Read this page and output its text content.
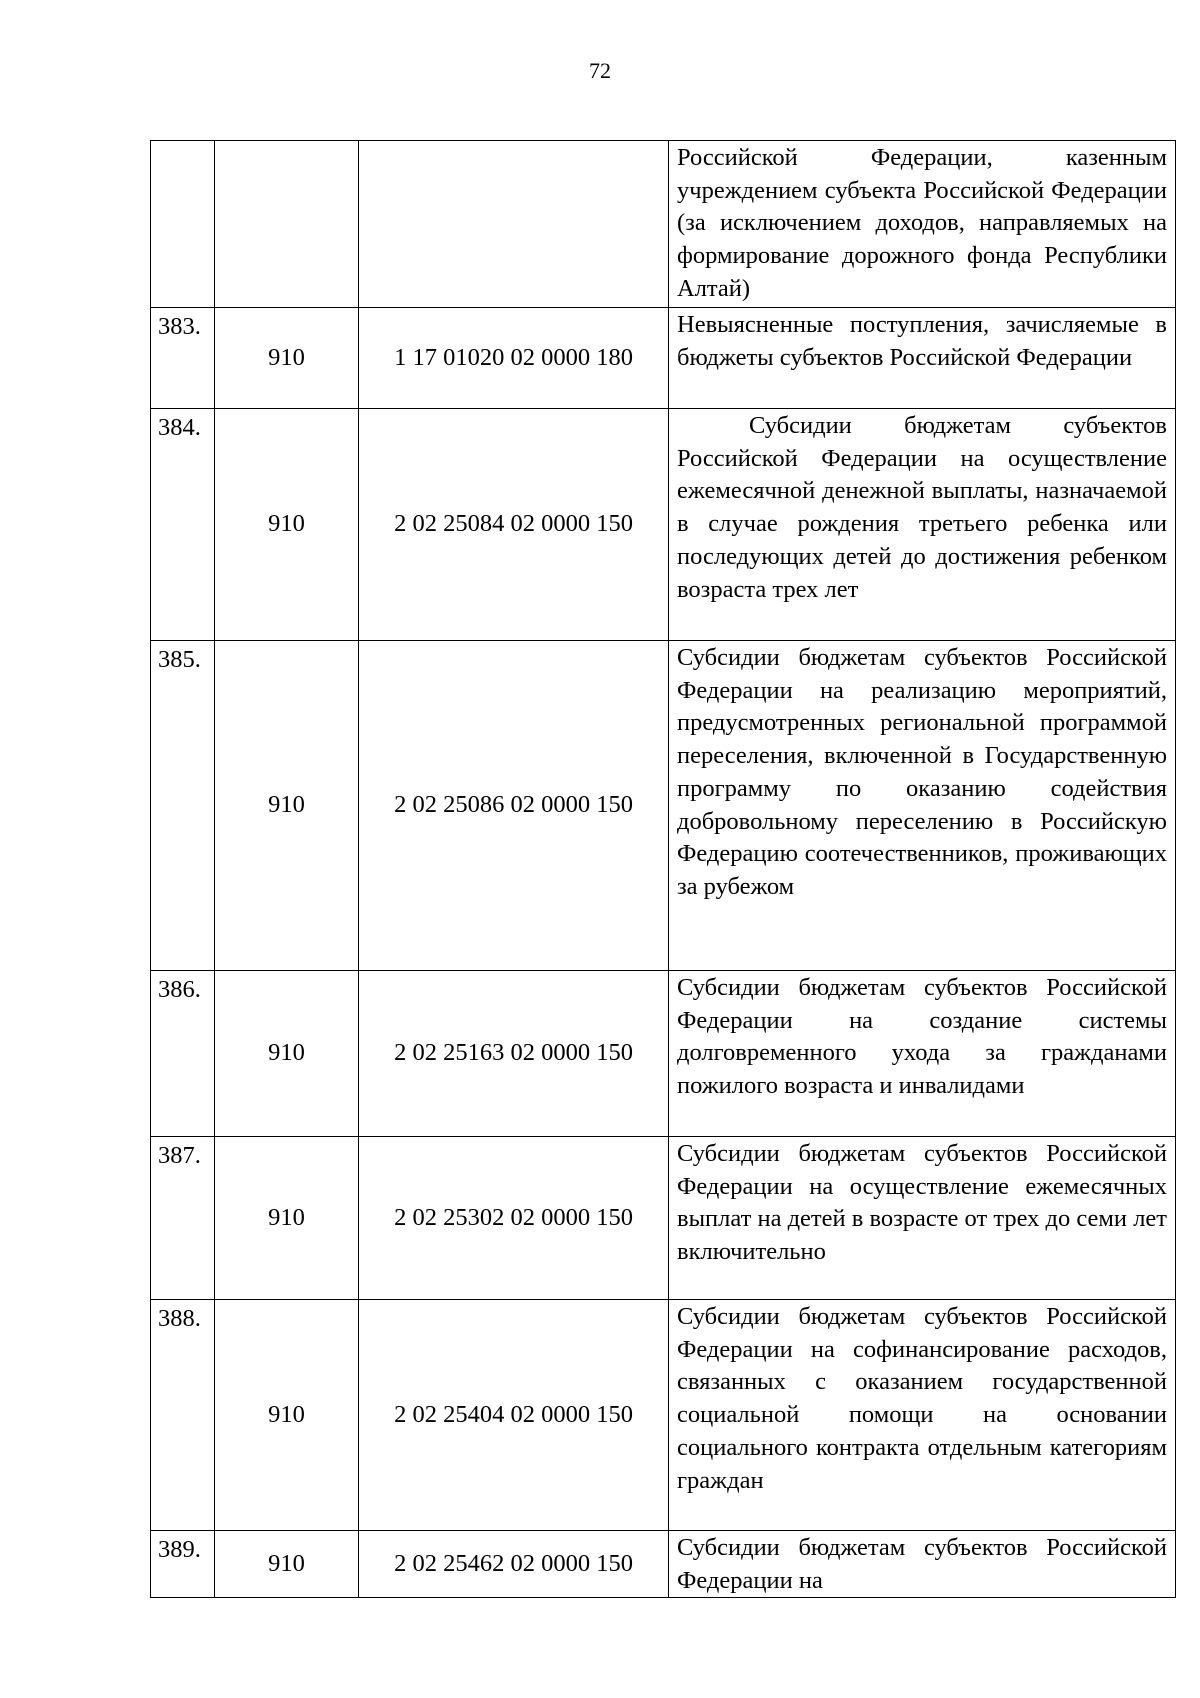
72

			Российской Федерации, казенным учреждением субъекта Российской Федерации (за исключением доходов, направляемых на формирование дорожного фонда Республики Алтай)

383.	910	1 17 01020 02 0000 180	Невыясненные поступления, зачисляемые в бюджеты субъектов Российской Федерации

384.	910	2 02 25084 02 0000 150	Субсидии бюджетам субъектов Российской Федерации на осуществление ежемесячной денежной выплаты, назначаемой в случае рождения третьего ребенка или последующих детей до достижения ребенком возраста трех лет

385.	910	2 02 25086 02 0000 150	Субсидии бюджетам субъектов Российской Федерации на реализацию мероприятий, предусмотренных региональной программой переселения, включенной в Государственную программу по оказанию содействия добровольному переселению в Российскую Федерацию соотечественников, проживающих за рубежом

386.	910	2 02 25163 02 0000 150	Субсидии бюджетам субъектов Российской Федерации на создание системы долговременного ухода за гражданами пожилого возраста и инвалидами

387.	910	2 02 25302 02 0000 150	Субсидии бюджетам субъектов Российской Федерации на осуществление ежемесячных выплат на детей в возрасте от трех до семи лет включительно

388.	910	2 02 25404 02 0000 150	Субсидии бюджетам субъектов Российской Федерации на софинансирование расходов, связанных с оказанием государственной социальной помощи на основании социального контракта отдельным категориям граждан

389.	910	2 02 25462 02 0000 150	Субсидии бюджетам субъектов Российской Федерации на
